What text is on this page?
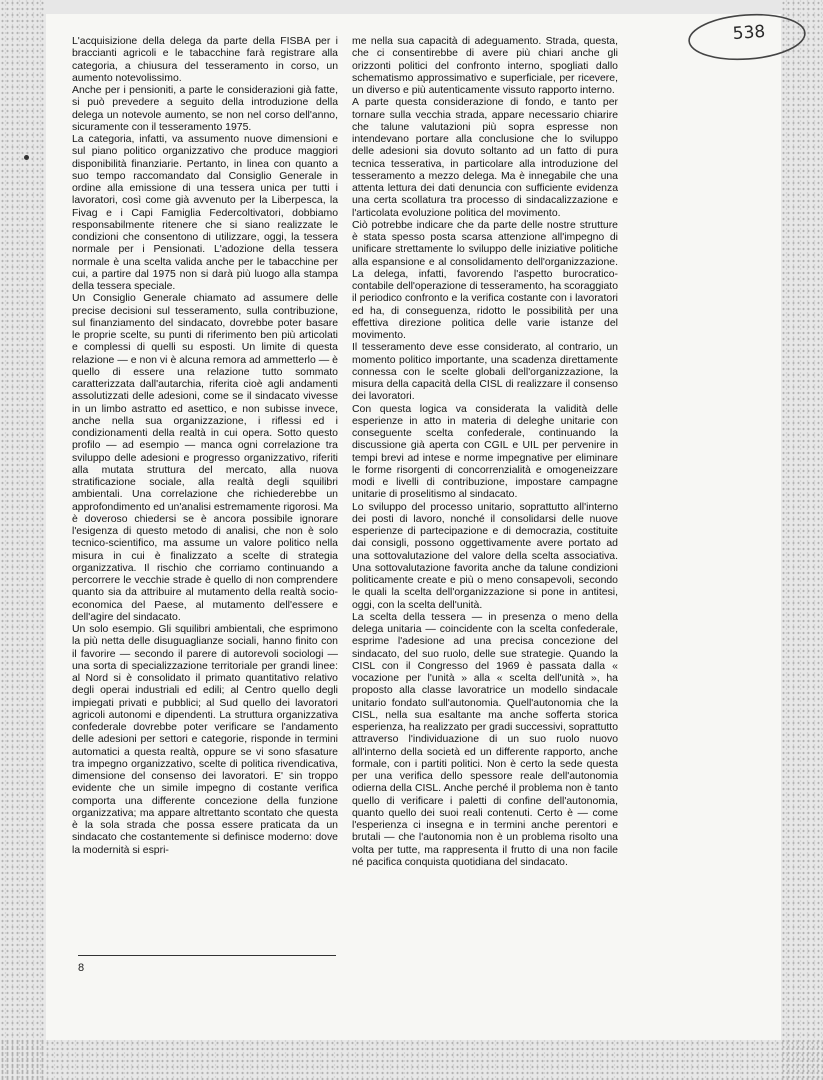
538

L'acquisizione della delega da parte della FISBA per i braccianti agricoli e le tabacchine farà registrare alla categoria, a chiusura del tesseramento in corso, un aumento notevolissimo.

Anche per i pensioniti, a parte le considerazioni già fatte, si può prevedere a seguito della introduzione della delega un notevole aumento, se non nel corso dell'anno, sicuramente con il tesseramento 1975.

La categoria, infatti, va assumento nuove dimensioni e sul piano politico organizzativo che produce maggiori disponibilità finanziarie. Pertanto, in linea con quanto a suo tempo raccomandato dal Consiglio Generale in ordine alla emissione di una tessera unica per tutti i lavoratori, così come già avvenuto per la Liberpesca, la Fivag e i Capi Famiglia Federcoltivatori, dobbiamo responsabilmente ritenere che si siano realizzate le condizioni che consentono di utilizzare, oggi, la tessera normale per i Pensionati. L'adozione della tessera normale è una scelta valida anche per le tabacchine per cui, a partire dal 1975 non si darà più luogo alla stampa della tessera speciale.

Un Consiglio Generale chiamato ad assumere delle precise decisioni sul tesseramento, sulla contribuzione, sul finanziamento del sindacato, dovrebbe poter basare le proprie scelte, su punti di riferimento ben più articolati e complessi di quelli su esposti. Un limite di questa relazione — e non vi è alcuna remora ad ammetterlo — è quello di essere una relazione tutto sommato caratterizzata dall'autarchia, riferita cioè agli andamenti assolutizzati delle adesioni, come se il sindacato vivesse in un limbo astratto ed asettico, e non subisse invece, anche nella sua organizzazione, i riflessi ed i condizionamenti della realtà in cui opera. Sotto questo profilo — ad esempio — manca ogni correlazione tra sviluppo delle adesioni e progresso organizzativo, riferiti alla mutata struttura del mercato, alla nuova stratificazione sociale, alla realtà degli squilibri ambientali. Una correlazione che richiederebbe un approfondimento ed un'analisi estremamente rigorosi. Ma è doveroso chiedersi se è ancora possibile ignorare l'esigenza di questo metodo di analisi, che non è solo tecnico-scientifico, ma assume un valore politico nella misura in cui è finalizzato a scelte di strategia organizzativa. Il rischio che corriamo continuando a percorrere le vecchie strade è quello di non comprendere quanto sia da attribuire al mutamento della realtà socio-economica del Paese, al mutamento dell'essere e dell'agire del sindacato.

Un solo esempio. Gli squilibri ambientali, che esprimono la più netta delle disuguaglianze sociali, hanno finito con il favorire — secondo il parere di autorevoli sociologi — una sorta di specializzazione territoriale per grandi linee: al Nord si è consolidato il primato quantitativo relativo degli operai industriali ed edili; al Centro quello degli impiegati privati e pubblici; al Sud quello dei lavoratori agricoli autonomi e dipendenti. La struttura organizzativa confederale dovrebbe poter verificare se l'andamento delle adesioni per settori e categorie, risponde in termini automatici a questa realtà, oppure se vi sono sfasature tra impegno organizzativo, scelte di politica rivendicativa, dimensione del consenso dei lavoratori. E' sin troppo evidente che un simile impegno di costante verifica comporta una differente concezione della funzione organizzativa; ma appare altrettanto scontato che questa è la sola strada che possa essere praticata da un sindacato che costantemente si definisce moderno: dove la modernità si espri-

me nella sua capacità di adeguamento. Strada, questa, che ci consentirebbe di avere più chiari anche gli orizzonti politici del confronto interno, spogliati dallo schematismo approssimativo e superficiale, per ricevere, un diverso e più autenticamente vissuto rapporto interno.

A parte questa considerazione di fondo, e tanto per tornare sulla vecchia strada, appare necessario chiarire che talune valutazioni più sopra espresse non intendevano portare alla conclusione che lo sviluppo delle adesioni sia dovuto soltanto ad un fatto di pura tecnica tesserativa, in particolare alla introduzione del tesseramento a mezzo delega. Ma è innegabile che una attenta lettura dei dati denuncia con sufficiente evidenza una certa scollatura tra processo di sindacalizzazione e l'articolata evoluzione politica del movimento.

Ciò potrebbe indicare che da parte delle nostre strutture è stata spesso posta scarsa attenzione all'impegno di unificare strettamente lo sviluppo delle iniziative politiche alla espansione e al consolidamento dell'organizzazione. La delega, infatti, favorendo l'aspetto burocratico-contabile dell'operazione di tesseramento, ha scoraggiato il periodico confronto e la verifica costante con i lavoratori ed ha, di conseguenza, ridotto le possibilità per una effettiva direzione politica delle varie istanze del movimento.

Il tesseramento deve esse considerato, al contrario, un momento politico importante, una scadenza direttamente connessa con le scelte globali dell'organizzazione, la misura della capacità della CISL di realizzare il consenso dei lavoratori.

Con questa logica va considerata la validità delle esperienze in atto in materia di deleghe unitarie con conseguente scelta confederale, continuando la discussione già aperta con CGIL e UIL per pervenire in tempi brevi ad intese e norme impegnative per eliminare le forme risorgenti di concorrenzialità e omogeneizzare modi e livelli di contribuzione, impostare campagne unitarie di proselitismo al sindacato.

Lo sviluppo del processo unitario, soprattutto all'interno dei posti di lavoro, nonché il consolidarsi delle nuove esperienze di partecipazione e di democrazia, costituite dai consigli, possono oggettivamente avere portato ad una sottovalutazione del valore della scelta associativa. Una sottovalutazione favorita anche da talune condizioni politicamente create e più o meno consapevoli, secondo le quali la scelta dell'organizzazione si pone in antitesi, oggi, con la scelta dell'unità.

La scelta della tessera — in presenza o meno della delega unitaria — coincidente con la scelta confederale, esprime l'adesione ad una precisa concezione del sindacato, del suo ruolo, delle sue strategie. Quando la CISL con il Congresso del 1969 è passata dalla « vocazione per l'unità » alla « scelta dell'unità », ha proposto alla classe lavoratrice un modello sindacale unitario fondato sull'autonomia. Quell'autonomia che la CISL, nella sua esaltante ma anche sofferta storica esperienza, ha realizzato per gradi successivi, soprattutto attraverso l'individuazione di un suo ruolo nuovo all'interno della società ed un differente rapporto, anche formale, con i partiti politici. Non è certo la sede questa per una verifica dello spessore reale dell'autonomia odierna della CISL. Anche perché il problema non è tanto quello di verificare i paletti di confine dell'autonomia, quanto quello dei suoi reali contenuti. Certo è — come l'esperienza ci insegna e in termini anche perentori e brutali — che l'autonomia non è un problema risolto una volta per tutte, ma rappresenta il frutto di una non facile né pacifica conquista quotidiana del sindacato.

8
